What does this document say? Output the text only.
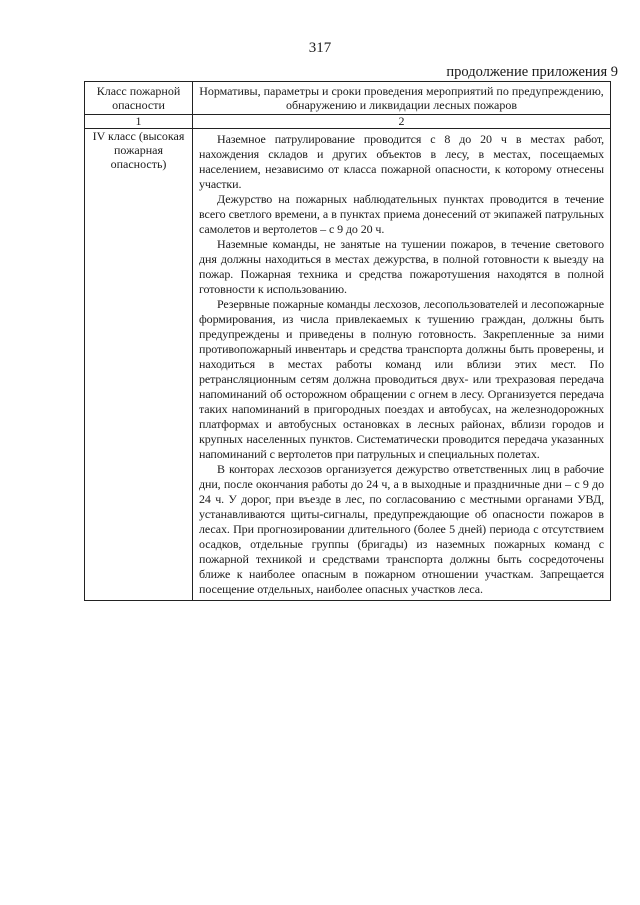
317
продолжение приложения 9
Класс пожарной опасности	Нормативы, параметры и сроки проведения мероприятий по предупреждению, обнаружению и ликвидации лесных пожаров
1	2
IV класс (высокая пожарная опасность)	Наземное патрулирование проводится с 8 до 20 ч в местах работ, нахождения складов и других объектов в лесу, в местах, посещаемых населением, независимо от класса пожарной опасности, к которому отнесены участки.

Дежурство на пожарных наблюдательных пунктах проводится в течение всего светлого времени, а в пунктах приема донесений от экипажей патрульных самолетов и вертолетов – с 9 до 20 ч.

Наземные команды, не занятые на тушении пожаров, в течение светового дня должны находиться в местах дежурства, в полной готовности к выезду на пожар. Пожарная техника и средства пожаротушения находятся в полной готовности к использованию.

Резервные пожарные команды лесхозов, лесопользователей и лесопожарные формирования, из числа привлекаемых к тушению граждан, должны быть предупреждены и приведены в полную готовность. Закрепленные за ними противопожарный инвентарь и средства транспорта должны быть проверены, и находиться в местах работы команд или вблизи этих мест. По ретрансляционным сетям должна проводиться двух- или трехразовая передача напоминаний об осторожном обращении с огнем в лесу. Организуется передача таких напоминаний в пригородных поездах и автобусах, на железнодорожных платформах и автобусных остановках в лесных районах, вблизи городов и крупных населенных пунктов. Систематически проводится передача указанных напоминаний с вертолетов при патрульных и специальных полетах.

В конторах лесхозов организуется дежурство ответственных лиц в рабочие дни, после окончания работы до 24 ч, а в выходные и праздничные дни – с 9 до 24 ч. У дорог, при въезде в лес, по согласованию с местными органами УВД, устанавливаются щиты-сигналы, предупреждающие об опасности пожаров в лесах. При прогнозировании длительного (более 5 дней) периода с отсутствием осадков, отдельные группы (бригады) из наземных пожарных команд с пожарной техникой и средствами транспорта должны быть сосредоточены ближе к наиболее опасным в пожарном отношении участкам. Запрещается посещение отдельных, наиболее опасных участков леса.
